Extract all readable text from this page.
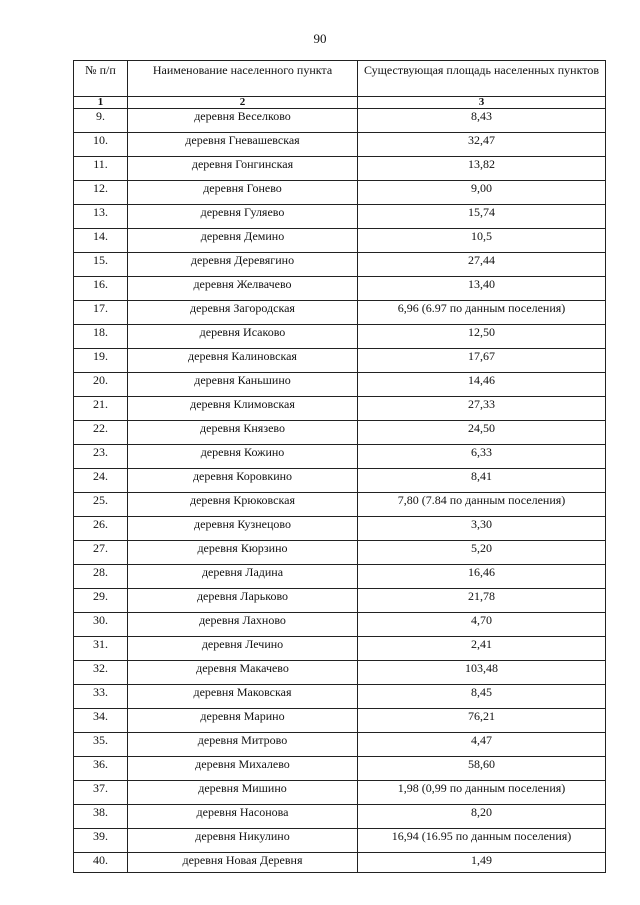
90
№ п/п	Наименование населенного пункта	Существующая площадь населенных пунктов
1	2	3
9.	деревня Веселково	8,43
10.	деревня Гневашевская	32,47
11.	деревня Гонгинская	13,82
12.	деревня Гонево	9,00
13.	деревня Гуляево	15,74
14.	деревня Демино	10,5
15.	деревня Деревягино	27,44
16.	деревня Желвачево	13,40
17.	деревня Загородская	6,96 (6.97 по данным поселения)
18.	деревня Исаково	12,50
19.	деревня Калиновская	17,67
20.	деревня Каньшино	14,46
21.	деревня Климовская	27,33
22.	деревня Князево	24,50
23.	деревня Кожино	6,33
24.	деревня Коровкино	8,41
25.	деревня Крюковская	7,80 (7.84 по данным поселения)
26.	деревня Кузнецово	3,30
27.	деревня Кюрзино	5,20
28.	деревня Ладина	16,46
29.	деревня Ларьково	21,78
30.	деревня Лахново	4,70
31.	деревня Лечино	2,41
32.	деревня Макачево	103,48
33.	деревня Маковская	8,45
34.	деревня Марино	76,21
35.	деревня Митрово	4,47
36.	деревня Михалево	58,60
37.	деревня Мишино	1,98 (0,99 по данным поселения)
38.	деревня Насонова	8,20
39.	деревня Никулино	16,94 (16.95 по данным поселения)
40.	деревня Новая Деревня	1,49
